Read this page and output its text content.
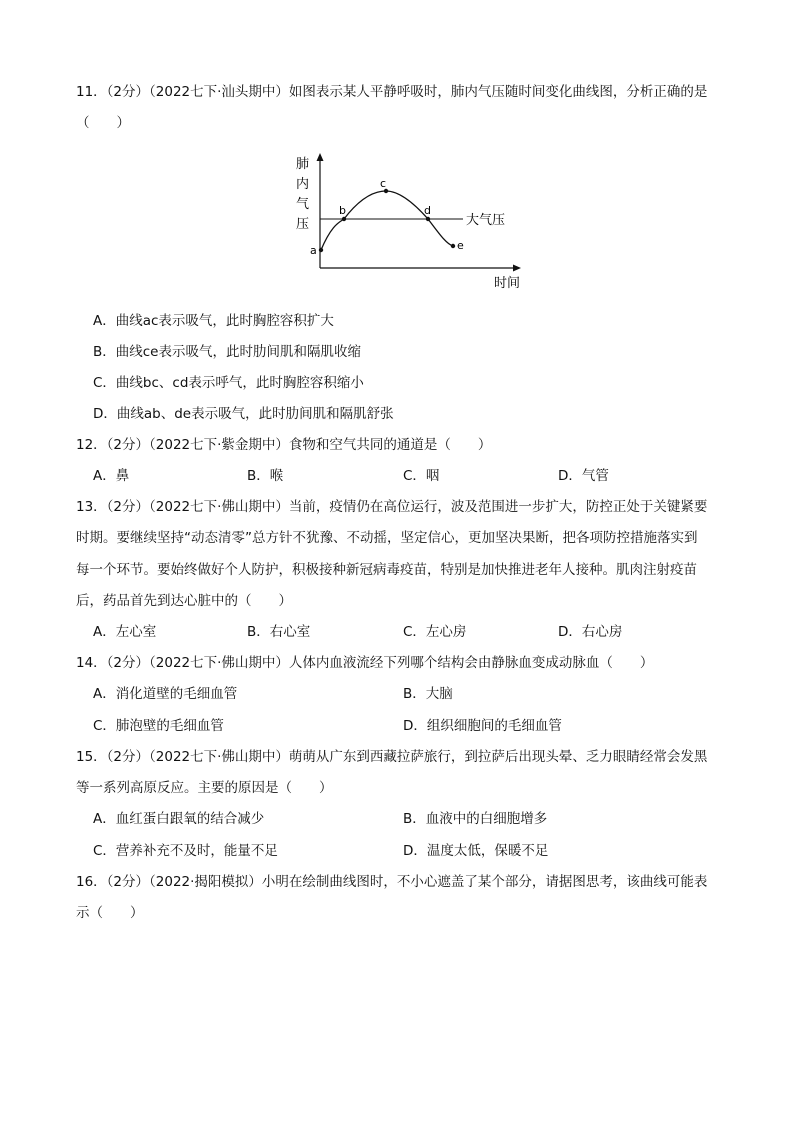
11．（2分）（2022七下·汕头期中）如图表示某人平静呼吸时，肺内气压随时间变化曲线图，分析正确的是
（　　）
肺
内
气
压	大气压
a
b
c
d
e
时间
A．曲线ac表示吸气，此时胸腔容积扩大
B．曲线ce表示吸气，此时肋间肌和隔肌收缩
C．曲线bc、cd表示呼气，此时胸腔容积缩小
D．曲线ab、de表示吸气，此时肋间肌和隔肌舒张
12．（2分）（2022七下·紫金期中）食物和空气共同的通道是（　　）
A．鼻	B．喉	C．咽	D．气管
13．（2分）（2022七下·佛山期中）当前，疫情仍在高位运行，波及范围进一步扩大，防控正处于关键紧要
时期。要继续坚持“动态清零”总方针不犹豫、不动摇，坚定信心，更加坚决果断，把各项防控措施落实到
每一个环节。要始终做好个人防护，积极接种新冠病毒疫苗，特别是加快推进老年人接种。肌肉注射疫苗
后，药品首先到达心脏中的（　　）
A．左心室	B．右心室	C．左心房	D．右心房
14．（2分）（2022七下·佛山期中）人体内血液流经下列哪个结构会由静脉血变成动脉血（　　）
A．消化道壁的毛细血管	B．大脑
C．肺泡壁的毛细血管	D．组织细胞间的毛细血管
15．（2分）（2022七下·佛山期中）萌萌从广东到西藏拉萨旅行，到拉萨后出现头晕、乏力眼睛经常会发黑
等一系列高原反应。主要的原因是（　　）
A．血红蛋白跟氧的结合减少	B．血液中的白细胞增多
C．营养补充不及时，能量不足	D．温度太低，保暖不足
16．（2分）（2022·揭阳模拟）小明在绘制曲线图时，不小心遮盖了某个部分，请据图思考，该曲线可能表
示（　　）
